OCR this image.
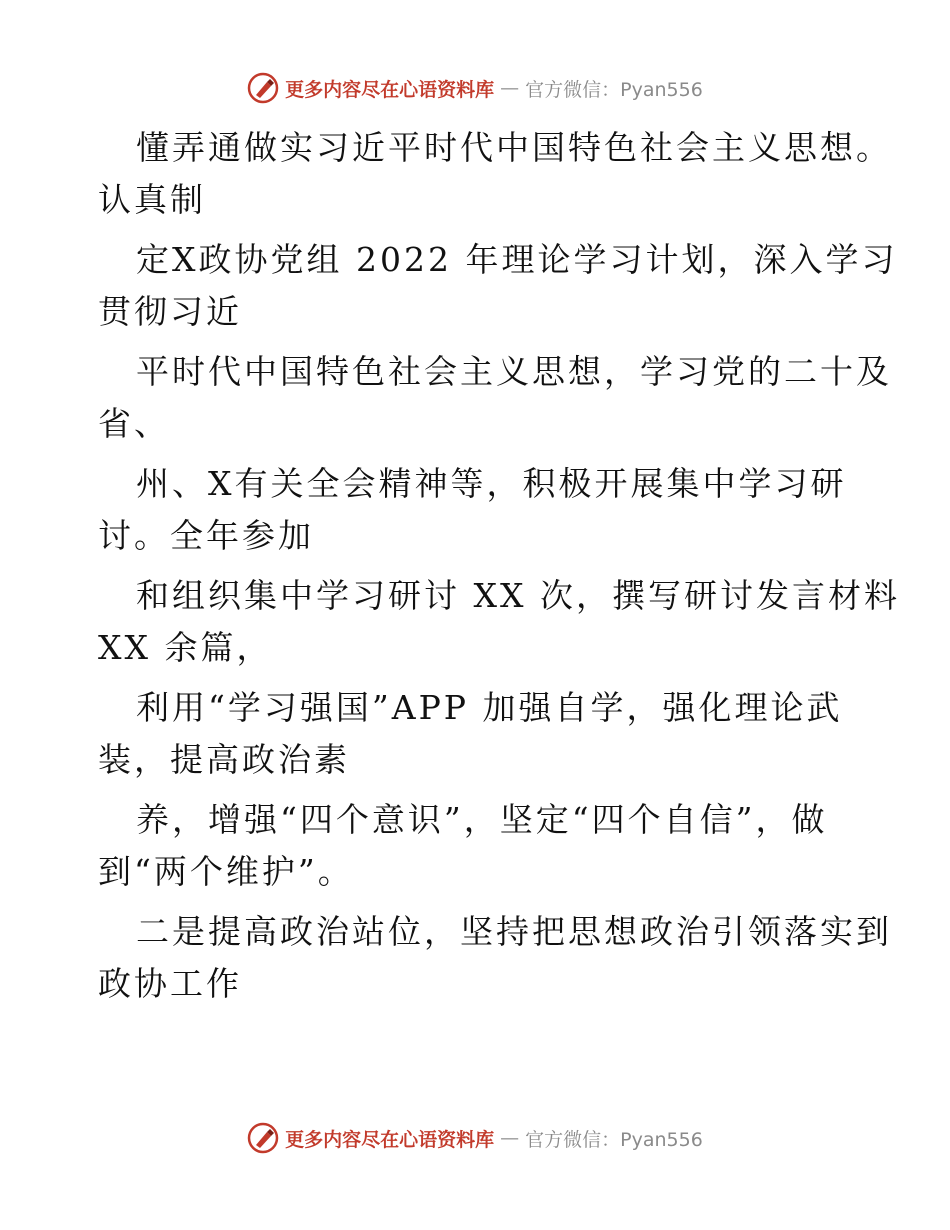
更多内容尽在心语资料库 — 官方微信：Pyan556
懂弄通做实习近平时代中国特色社会主义思想。
认真制
定X政协党组 2022 年理论学习计划，深入学习
贯彻习近
平时代中国特色社会主义思想，学习党的二十及
省、
州、X有关全会精神等，积极开展集中学习研
讨。全年参加
和组织集中学习研讨 XX 次，撰写研讨发言材料
XX 余篇，
利用“学习强国”APP 加强自学，强化理论武
装，提高政治素
养，增强“四个意识”，坚定“四个自信”，做
到“两个维护”。
二是提高政治站位，坚持把思想政治引领落实到
政协工作
更多内容尽在心语资料库 — 官方微信：Pyan556
